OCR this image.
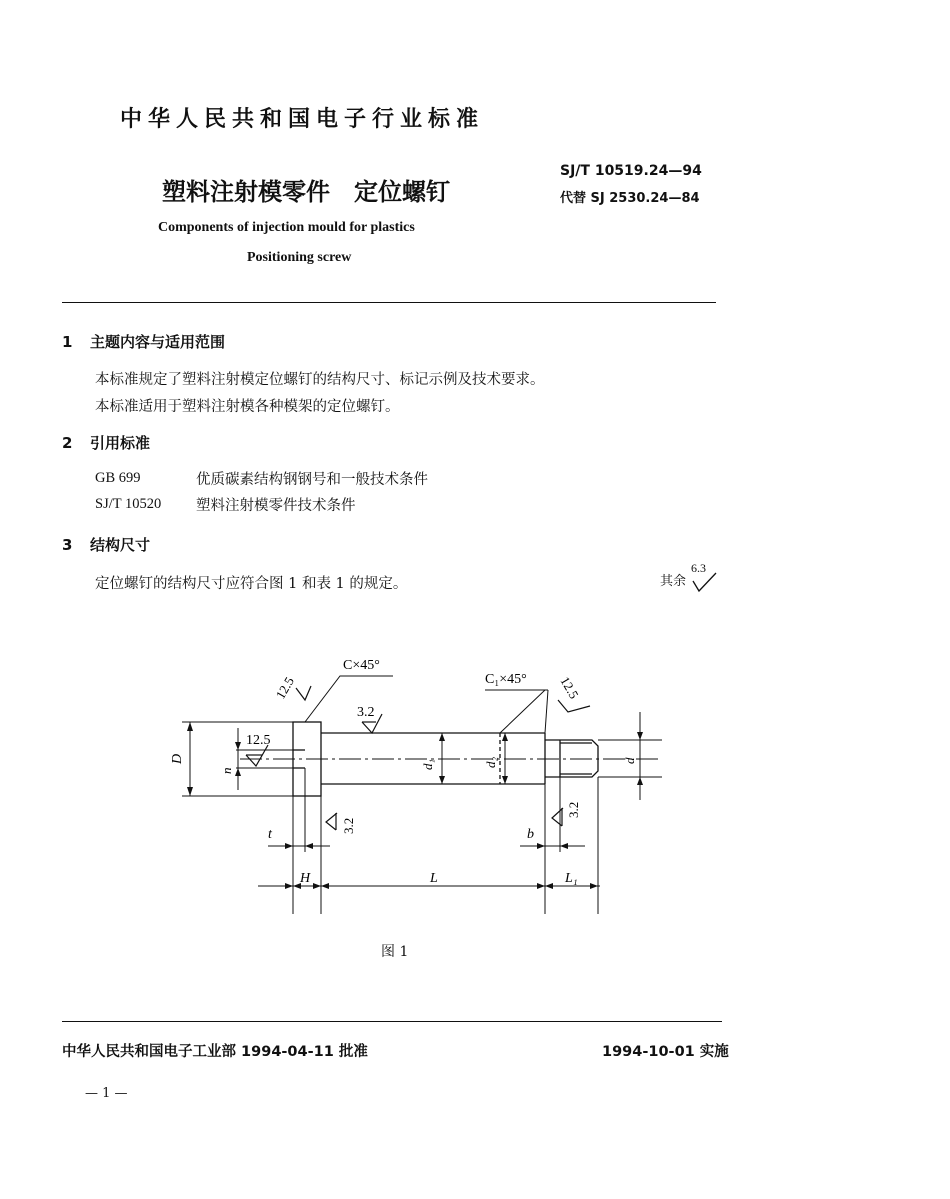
中华人民共和国电子行业标准
塑料注射模零件　定位螺钉
SJ/T 10519.24—94
代替 SJ 2530.24—84
Components of injection mould for plastics
Positioning screw
1 主题内容与适用范围
本标准规定了塑料注射模定位螺钉的结构尺寸、标记示例及技术要求。
本标准适用于塑料注射模各种模架的定位螺钉。
2 引用标准
GB 699	优质碳素结构钢钢号和一般技术条件
SJ/T 10520 塑料注射模零件技术条件
3 结构尺寸
定位螺钉的结构尺寸应符合图 1 和表 1 的规定。	其余
6.3
C×45°
C₁×45°
12.5
12.5
12.5
3.2
3.2
3.2
D
n
d₁	d₂	d
t	b
H	L	L₁
图 1
中华人民共和国电子工业部 1994-04-11 批准	1994-10-01 实施
— 1 —
